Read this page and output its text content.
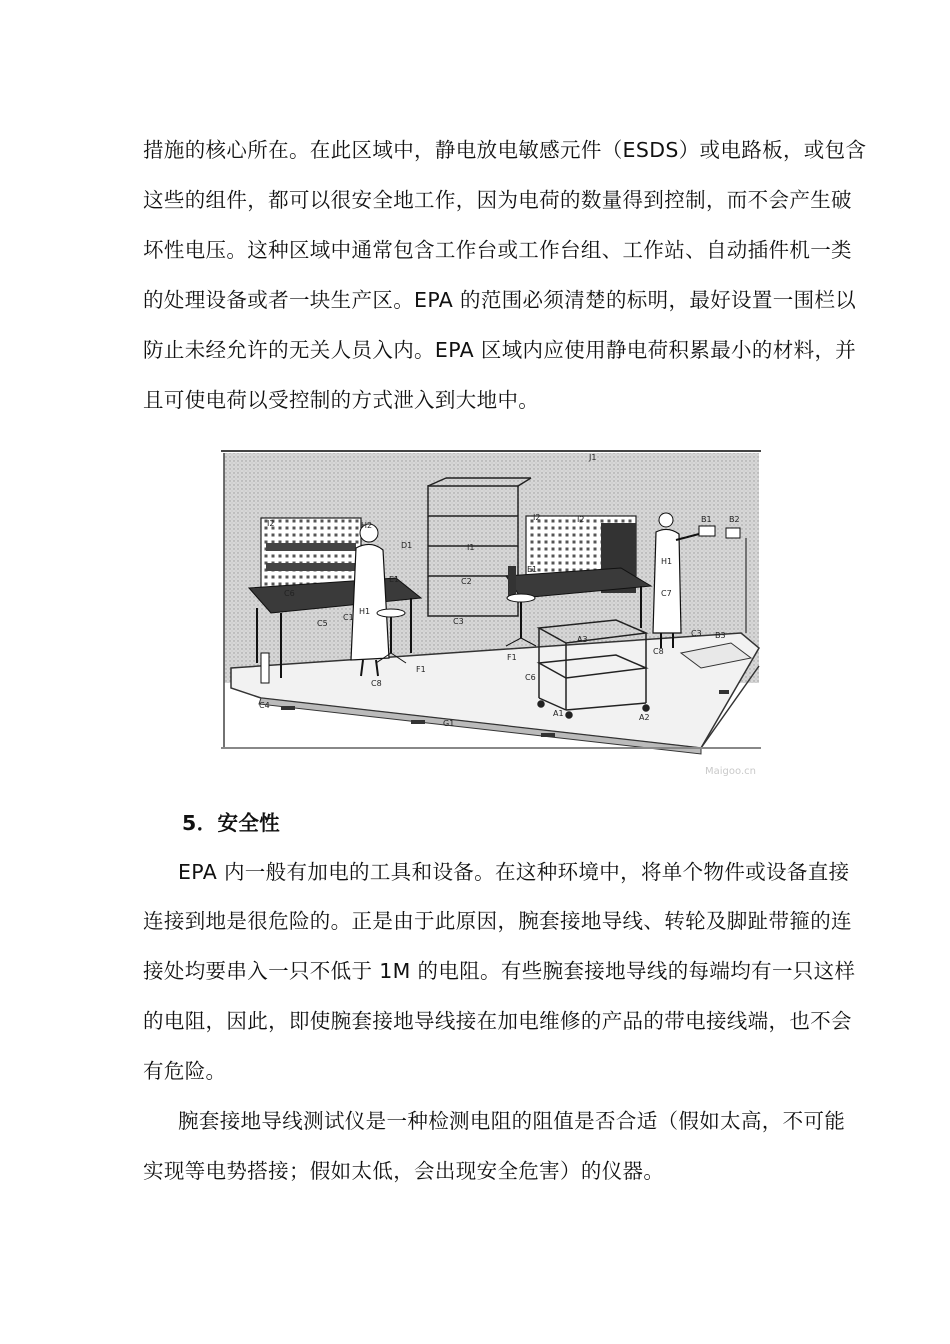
措施的核心所在。在此区域中，静电放电敏感元件（ESDS）或电路板，或包含
这些的组件，都可以很安全地工作，因为电荷的数量得到控制，而不会产生破
坏性电压。这种区域中通常包含工作台或工作台组、工作站、自动插件机一类
的处理设备或者一块生产区。EPA 的范围必须清楚的标明，最好设置一围栏以
防止未经允许的无关人员入内。EPA 区域内应使用静电荷积累最小的材料，并
且可使电荷以受控制的方式泄入到大地中。
J1
I2	H2
D1	I1
I2	I2	B1 B2
E1
E1
C6
C5
C1
H1
C3
C2
H1
C7
C3 B3
A3
C8
F1
F1
C6
C8
C4
G1
A1	A2
Maigoo.cn
5．安全性
EPA 内一般有加电的工具和设备。在这种环境中，将单个物件或设备直接
连接到地是很危险的。正是由于此原因，腕套接地导线、转轮及脚趾带箍的连
接处均要串入一只不低于 1M 的电阻。有些腕套接地导线的每端均有一只这样
的电阻，因此，即使腕套接地导线接在加电维修的产品的带电接线端，也不会
有危险。
腕套接地导线测试仪是一种检测电阻的阻值是否合适（假如太高，不可能
实现等电势搭接；假如太低，会出现安全危害）的仪器。
